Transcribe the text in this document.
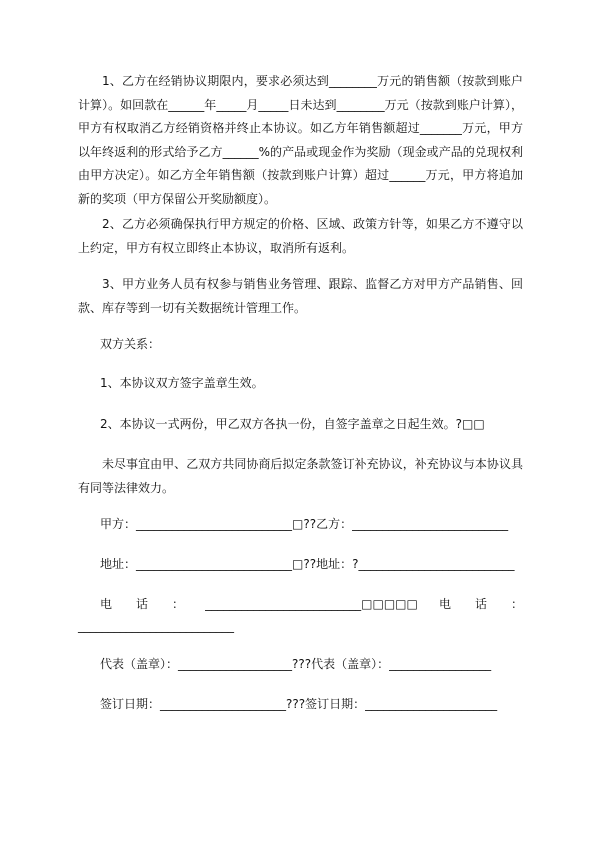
1、乙方在经销协议期限内，要求必须达到________万元的销售额（按款到账户计算）。如回款在______年_____月_____日未达到________万元（按款到账户计算），甲方有权取消乙方经销资格并终止本协议。如乙方年销售额超过_______万元，甲方以年终返利的形式给予乙方______%的产品或现金作为奖励（现金或产品的兑现权利由甲方决定）。如乙方全年销售额（按款到账户计算）超过______万元，甲方将追加新的奖项（甲方保留公开奖励额度）。

2、乙方必须确保执行甲方规定的价格、区域、政策方针等，如果乙方不遵守以上约定，甲方有权立即终止本协议，取消所有返利。

3、甲方业务人员有权参与销售业务管理、跟踪、监督乙方对甲方产品销售、回款、库存等到一切有关数据统计管理工作。

双方关系：

1、本协议双方签字盖章生效。

2、本协议一式两份，甲乙双方各执一份，自签字盖章之日起生效。?□□

未尽事宜由甲、乙双方共同协商后拟定条款签订补充协议，补充协议与本协议具有同等法律效力。

甲方：__________________________□??乙方：__________________________

地址：__________________________□??地址：?__________________________

电　　话　　： __________________________□□□□□ 电　　话　　：

__________________________

代表（盖章）：___________________???代表（盖章）：_________________

签订日期：_____________________???签订日期：______________________
